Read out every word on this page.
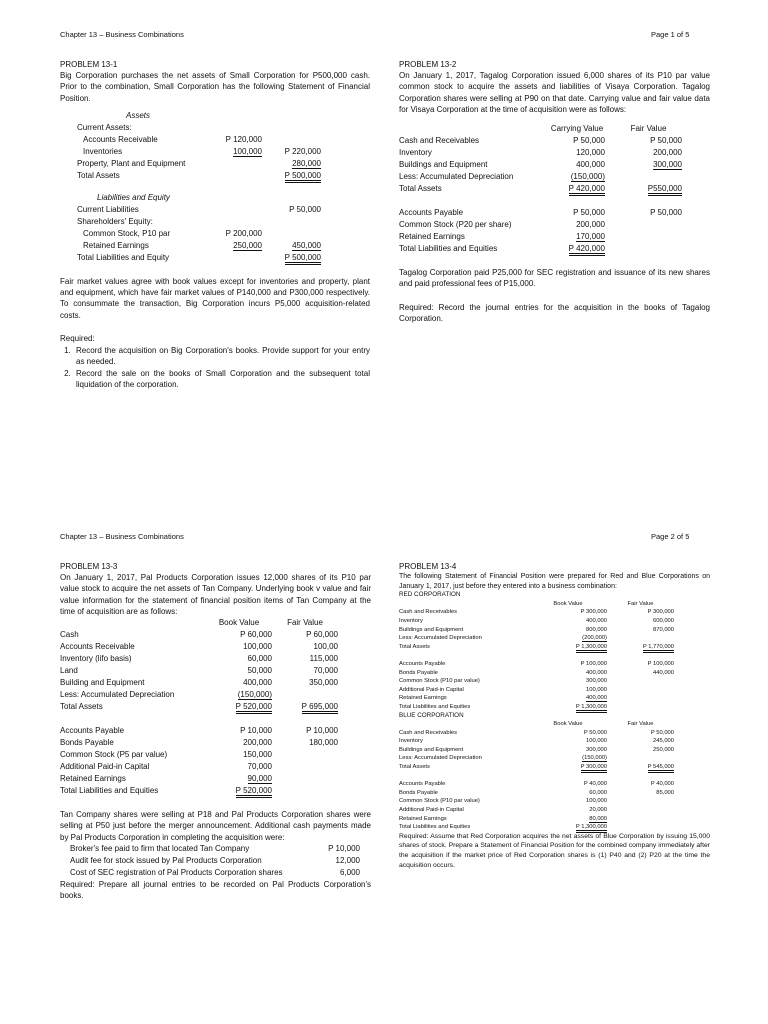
Chapter 13 – Business Combinations	Page 1 of 5
PROBLEM 13-1
Big Corporation purchases the net assets of Small Corporation for P500,000 cash. Prior to the combination, Small Corporation has the following Statement of Financial Position.
Assets
Current Assets:		
Accounts Receivable	P 120,000	
Inventories	100,000	P 220,000
Property, Plant and Equipment		280,000
Total Assets		P 500,000
Liabilities and Equity
Current Liabilities		P 50,000
Shareholders' Equity:		
Common Stock, P10 par	P 200,000	
Retained Earnings	250,000	450,000
Total Liabilities and Equity		P 500,000
Fair market values agree with book values except for inventories and property, plant and equipment, which have fair market values of P140,000 and P300,000 respectively. To consummate the transaction, Big Corporation incurs P5,000 acquisition-related costs.
Required:
1. Record the acquisition on Big Corporation's books. Provide support for your entry as needed.
2. Record the sale on the books of Small Corporation and the subsequent total liquidation of the corporation.
PROBLEM 13-2
On January 1, 2017, Tagalog Corporation issued 6,000 shares of its P10 par value common stock to acquire the assets and liabilities of Visaya Corporation. Tagalog Corporation shares were selling at P90 on that date. Carrying value and fair value data for Visaya Corporation at the time of acquisition were as follows:
	Carrying Value	Fair Value
Cash and Receivables	P 50,000	P 50,000
Inventory	120,000	200,000
Buildings and Equipment	400,000	300,000
Less: Accumulated Depreciation	(150,000)	
Total Assets	P 420,000	P550,000

Accounts Payable	P 50,000	P 50,000
Common Stock (P20 per share)	200,000	
Retained Earnings	170,000	
Total Liabilities and Equities	P 420,000	
Tagalog Corporation paid P25,000 for SEC registration and issuance of its new shares and paid professional fees of P15,000.
Required: Record the journal entries for the acquisition in the books of Tagalog Corporation.
Chapter 13 – Business Combinations	Page 2 of 5
PROBLEM 13-3
On January 1, 2017, Pal Products Corporation issues 12,000 shares of its P10 par value stock to acquire the net assets of Tan Company. Underlying book v value and fair value information for the statement of financial position items of Tan Company at the time of acquisition are as follows:
	Book Value	Fair Value
Cash	P 60,000	P 60,000
Accounts Receivable	100,000	100,00
Inventory (lifo basis)	60,000	115,000
Land	50,000	70,000
Building and Equipment	400,000	350,000
Less: Accumulated Depreciation	(150,000)	
Total Assets	P 520,000	P 695,000

Accounts Payable	P 10,000	P 10,000
Bonds Payable	200,000	180,000
Common Stock (P5 par value)	150,000	
Additional Paid-in Capital	70,000	
Retained Earnings	90,000	
Total Liabilities and Equities	P 520,000	
Tan Company shares were selling at P18 and Pal Products Corporation shares were selling at P50 just before the merger announcement. Additional cash payments made by Pal Products Corporation in completing the acquisition were:
Broker's fee paid to firm that located Tan Company	P 10,000
Audit fee for stock issued by Pal Products Corporation	12,000
Cost of SEC registration of Pal Products Corporation shares	6,000
Required: Prepare all journal entries to be recorded on Pal Products Corporation's books.
PROBLEM 13-4
The following Statement of Financial Position were prepared for Red and Blue Corporations on January 1, 2017, just before they entered into a business combination:
RED CORPORATION
	Book Value	Fair Value
Cash and Receivables	P 300,000	P 300,000
Inventory	400,000	600,000
Buildings and Equipment	800,000	870,000
Less: Accumulated Depreciation	(200,000)	
Total Assets	P 1,300,000	P 1,770,000

Accounts Payable	P 100,000	P 100,000
Bonds Payable	400,000	440,000
Common Stock (P10 par value)	300,000	
Additional Paid-in Capital	100,000	
Retained Earnings	400,000	
Total Liabilities and Equities	P 1,300,000	
BLUE CORPORATION
	Book Value	Fair Value
Cash and Receivables	P 50,000	P 50,000
Inventory	100,000	245,000
Buildings and Equipment	300,000	250,000
Less: Accumulated Depreciation	(150,000)	
Total Assets	P 300,000	P 545,000

Accounts Payable	P 40,000	P 40,000
Bonds Payable	60,000	85,000
Common Stock (P10 par value)	100,000	
Additional Paid-in Capital	20,000	
Retained Earnings	80,000	
Total Liabilities and Equities	P 1,300,000	
Required: Assume that Red Corporation acquires the net assets of Blue Corporation by issuing 15,000 shares of stock. Prepare a Statement of Financial Position for the combined company immediately after the acquisition if the market price of Red Corporation shares is (1) P40 and (2) P20 at the time the acquisition occurs.
